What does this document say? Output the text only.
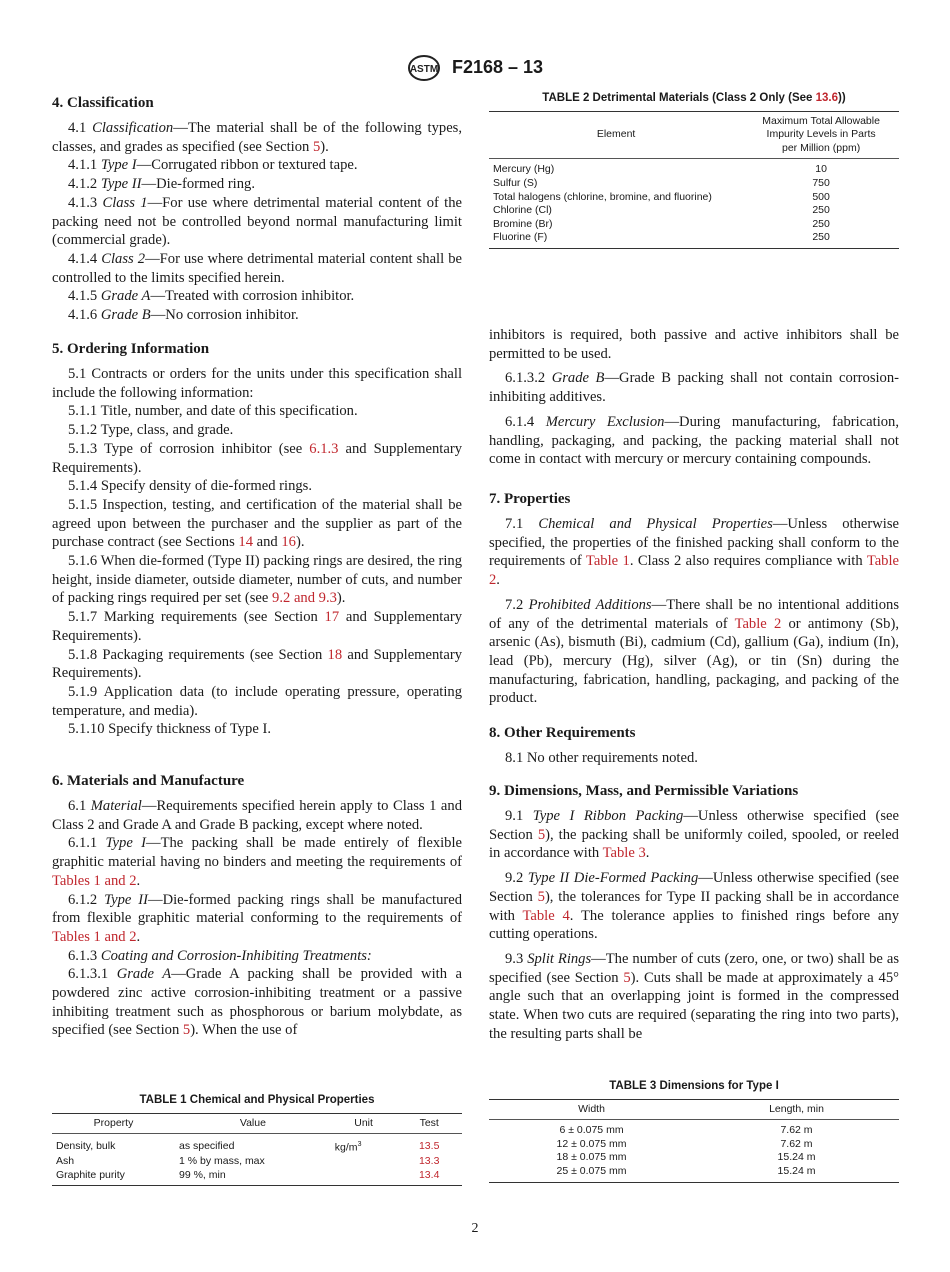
ASTM F2168 – 13
4. Classification

4.1 Classification—The material shall be of the following types, classes, and grades as specified (see Section 5).

4.1.1 Type I—Corrugated ribbon or textured tape.

4.1.2 Type II—Die-formed ring.

4.1.3 Class 1—For use where detrimental material content of the packing need not be controlled beyond normal manufacturing limit (commercial grade).

4.1.4 Class 2—For use where detrimental material content shall be controlled to the limits specified herein.

4.1.5 Grade A—Treated with corrosion inhibitor.

4.1.6 Grade B—No corrosion inhibitor.

5. Ordering Information

5.1 Contracts or orders for the units under this specification shall include the following information:

5.1.1 Title, number, and date of this specification.

5.1.2 Type, class, and grade.

5.1.3 Type of corrosion inhibitor (see 6.1.3 and Supplementary Requirements).

5.1.4 Specify density of die-formed rings.

5.1.5 Inspection, testing, and certification of the material shall be agreed upon between the purchaser and the supplier as part of the purchase contract (see Sections 14 and 16).

5.1.6 When die-formed (Type II) packing rings are desired, the ring height, inside diameter, outside diameter, number of cuts, and number of packing rings required per set (see 9.2 and 9.3).

5.1.7 Marking requirements (see Section 17 and Supplementary Requirements).

5.1.8 Packaging requirements (see Section 18 and Supplementary Requirements).

5.1.9 Application data (to include operating pressure, operating temperature, and media).

5.1.10 Specify thickness of Type I.

6. Materials and Manufacture

6.1 Material—Requirements specified herein apply to Class 1 and Class 2 and Grade A and Grade B packing, except where noted.

6.1.1 Type I—The packing shall be made entirely of flexible graphitic material having no binders and meeting the requirements of Tables 1 and 2.

6.1.2 Type II—Die-formed packing rings shall be manufactured from flexible graphitic material conforming to the requirements of Tables 1 and 2.

6.1.3 Coating and Corrosion-Inhibiting Treatments:

6.1.3.1 Grade A—Grade A packing shall be provided with a powdered zinc active corrosion-inhibiting treatment or a passive inhibiting treatment such as phosphorous or barium molybdate, as specified (see Section 5). When the use of

inhibitors is required, both passive and active inhibitors shall be permitted to be used.

6.1.3.2 Grade B—Grade B packing shall not contain corrosion-inhibiting additives.

6.1.4 Mercury Exclusion—During manufacturing, fabrication, handling, packaging, and packing, the packing material shall not come in contact with mercury or mercury containing compounds.

7. Properties

7.1 Chemical and Physical Properties—Unless otherwise specified, the properties of the finished packing shall conform to the requirements of Table 1. Class 2 also requires compliance with Table 2.

7.2 Prohibited Additions—There shall be no intentional additions of any of the detrimental materials of Table 2 or antimony (Sb), arsenic (As), bismuth (Bi), cadmium (Cd), gallium (Ga), indium (In), lead (Pb), mercury (Hg), silver (Ag), or tin (Sn) during the manufacturing, fabrication, handling, packaging, and packing of the product.

8. Other Requirements

8.1 No other requirements noted.

9. Dimensions, Mass, and Permissible Variations

9.1 Type I Ribbon Packing—Unless otherwise specified (see Section 5), the packing shall be uniformly coiled, spooled, or reeled in accordance with Table 3.

9.2 Type II Die-Formed Packing—Unless otherwise specified (see Section 5), the tolerances for Type II packing shall be in accordance with Table 4. The tolerance applies to finished rings before any cutting operations.

9.3 Split Rings—The number of cuts (zero, one, or two) shall be as specified (see Section 5). Cuts shall be made at approximately a 45° angle such that an overlapping joint is formed in the compressed state. When two cuts are required (separating the ring into two parts), the resulting parts shall be

TABLE 2 Detrimental Materials (Class 2 Only (See 13.6))
Element	Maximum Total Allowable Impurity Levels in Parts per Million (ppm)
Mercury (Hg)	10
Sulfur (S)	750
Total halogens (chlorine, bromine, and fluorine)	500
Chlorine (Cl)	250
Bromine (Br)	250
Fluorine (F)	250
TABLE 1 Chemical and Physical Properties
Property	Value	Unit	Test
Density, bulk	as specified	$kg/m^3$	13.5
Ash	1 % by mass, max		13.3
Graphite purity	99 %, min		13.4
TABLE 3 Dimensions for Type I
Width	Length, min
6 ± 0.075 mm	7.62 m
12 ± 0.075 mm	7.62 m
18 ± 0.075 mm	15.24 m
25 ± 0.075 mm	15.24 m
2
